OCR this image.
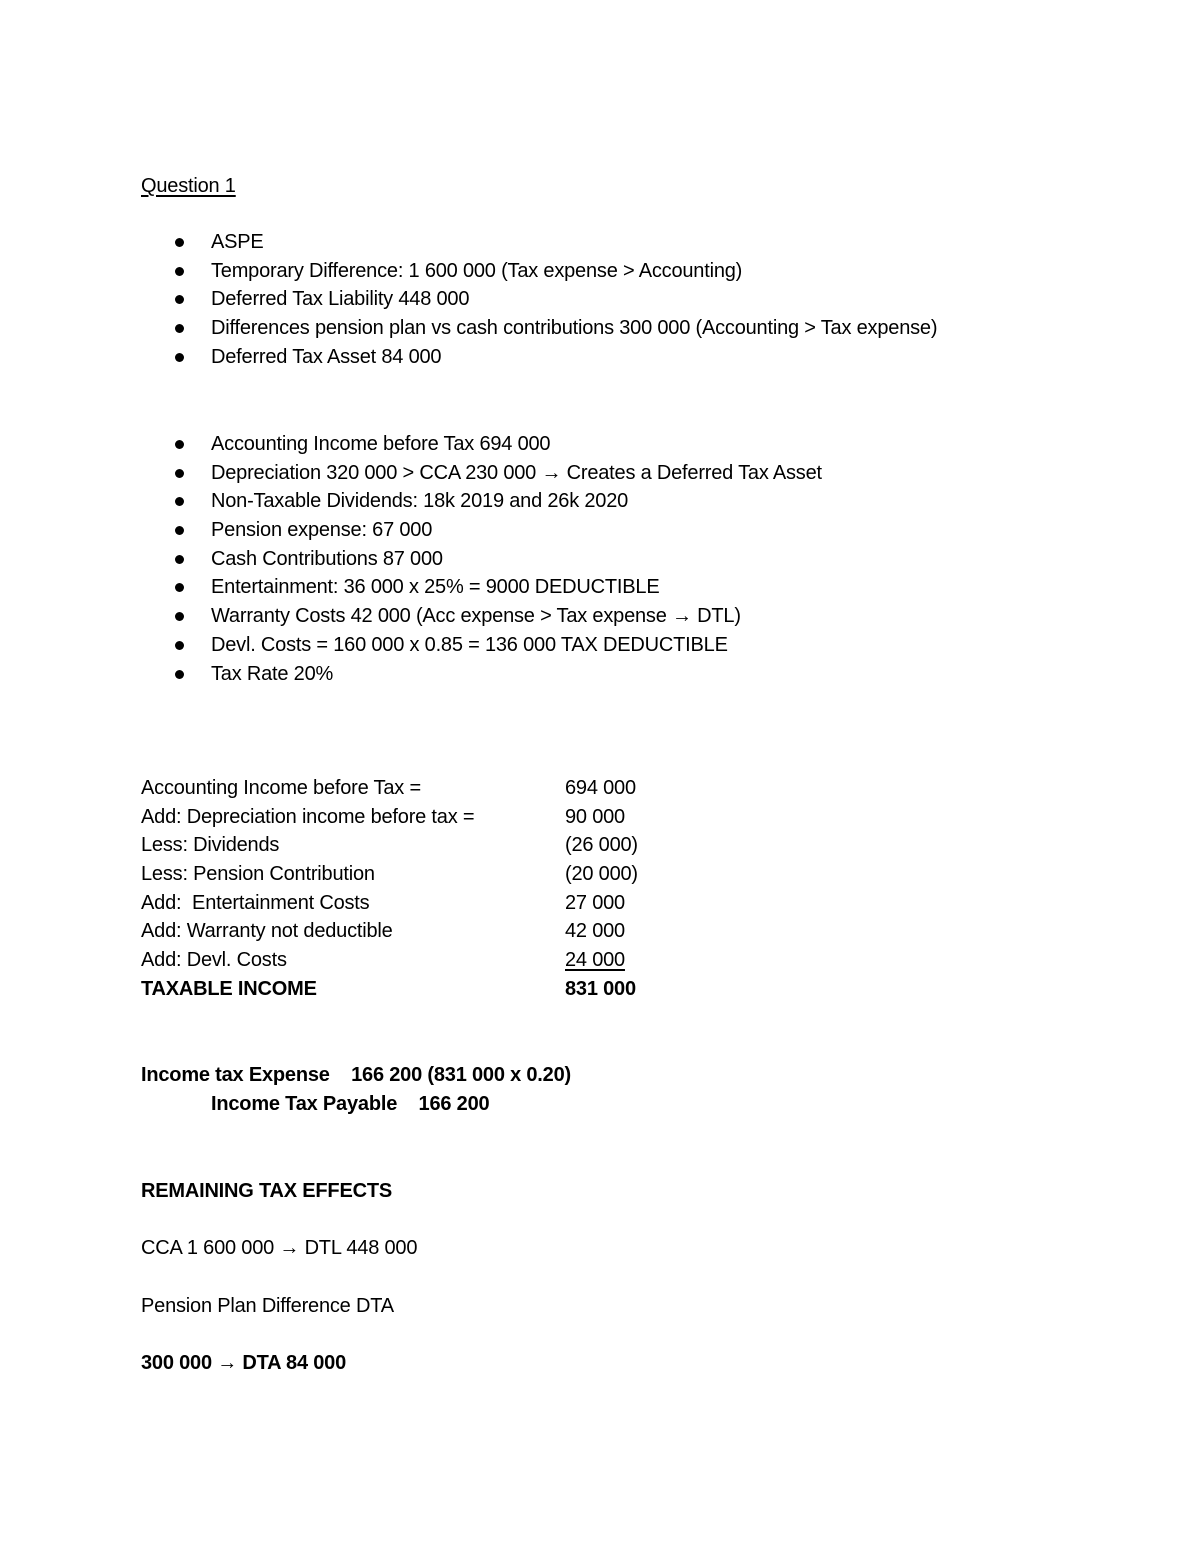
Question 1
ASPE
Temporary Difference: 1 600 000 (Tax expense > Accounting)
Deferred Tax Liability 448 000
Differences pension plan vs cash contributions 300 000 (Accounting > Tax expense)
Deferred Tax Asset 84 000
Accounting Income before Tax 694 000
Depreciation 320 000 > CCA 230 000 → Creates a Deferred Tax Asset
Non-Taxable Dividends: 18k 2019 and 26k 2020
Pension expense: 67 000
Cash Contributions 87 000
Entertainment: 36 000 x 25% = 9000 DEDUCTIBLE
Warranty Costs 42 000 (Acc expense > Tax expense → DTL)
Devl. Costs = 160 000 x 0.85 = 136 000 TAX DEDUCTIBLE
Tax Rate 20%
Accounting Income before Tax =	694 000
Add: Depreciation income before tax =	90 000
Less: Dividends	(26 000)
Less: Pension Contribution	(20 000)
Add:  Entertainment Costs	27 000
Add: Warranty not deductible	42 000
Add: Devl. Costs	24 000
TAXABLE INCOME	831 000
Income tax Expense    166 200 (831 000 x 0.20)
Income Tax Payable    166 200
REMAINING TAX EFFECTS
CCA 1 600 000 → DTL 448 000
Pension Plan Difference DTA
300 000 → DTA 84 000
